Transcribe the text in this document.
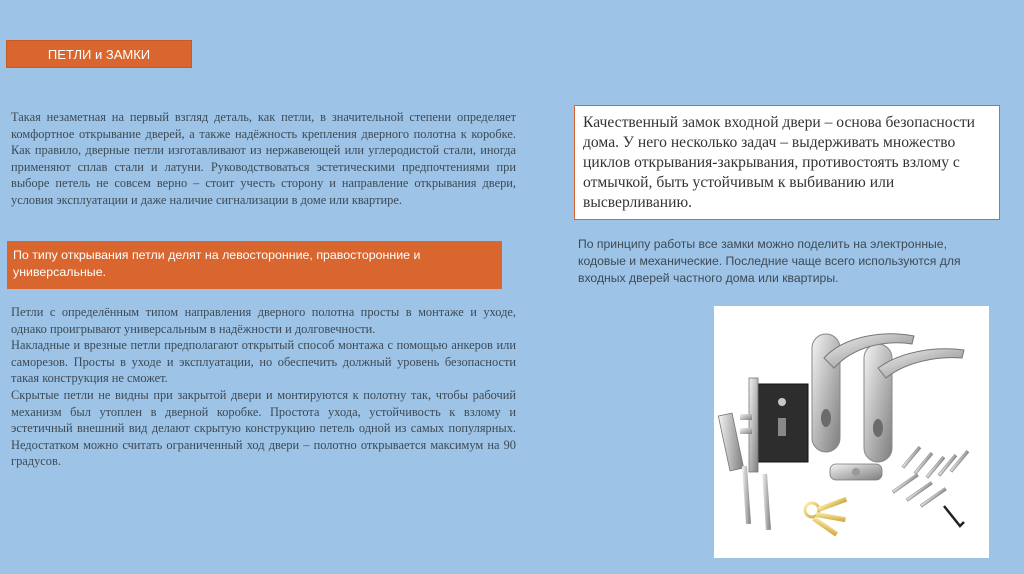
ПЕТЛИ и ЗАМКИ

Такая незаметная на первый взгляд деталь, как петли, в значительной степени определяет комфортное открывание дверей, а также надёжность крепления дверного полотна к коробке. Как правило, дверные петли изготавливают из нержавеющей или углеродистой стали, иногда применяют сплав стали и латуни. Руководствоваться эстетическими предпочтениями при выборе петель не совсем верно – стоит учесть сторону и направление открывания двери, условия эксплуатации и даже наличие сигнализации в доме или квартире.

По типу открывания петли делят на левосторонние, правосторонние и универсальные.

Петли с определённым типом направления дверного полотна просты в монтаже и уходе, однако проигрывают универсальным в надёжности и долговечности.

Накладные и врезные петли предполагают открытый способ монтажа с помощью анкеров или саморезов. Просты в уходе и эксплуатации, но обеспечить должный уровень безопасности такая конструкция не сможет.

Скрытые петли не видны при закрытой двери и монтируются к полотну так, чтобы рабочий механизм был утоплен в дверной коробке. Простота ухода, устойчивость к взлому и эстетичный внешний вид делают скрытую конструкцию петель одной из самых популярных. Недостатком можно считать ограниченный ход двери – полотно открывается максимум на 90 градусов.

Качественный замок входной двери – основа безопасности дома. У него несколько задач – выдерживать множество циклов открывания-закрывания, противостоять взлому с отмычкой, быть устойчивым к выбиванию или высверливанию.

По принципу работы все замки можно поделить на электронные, кодовые и механические. Последние чаще всего используются для входных дверей частного дома или квартиры.
